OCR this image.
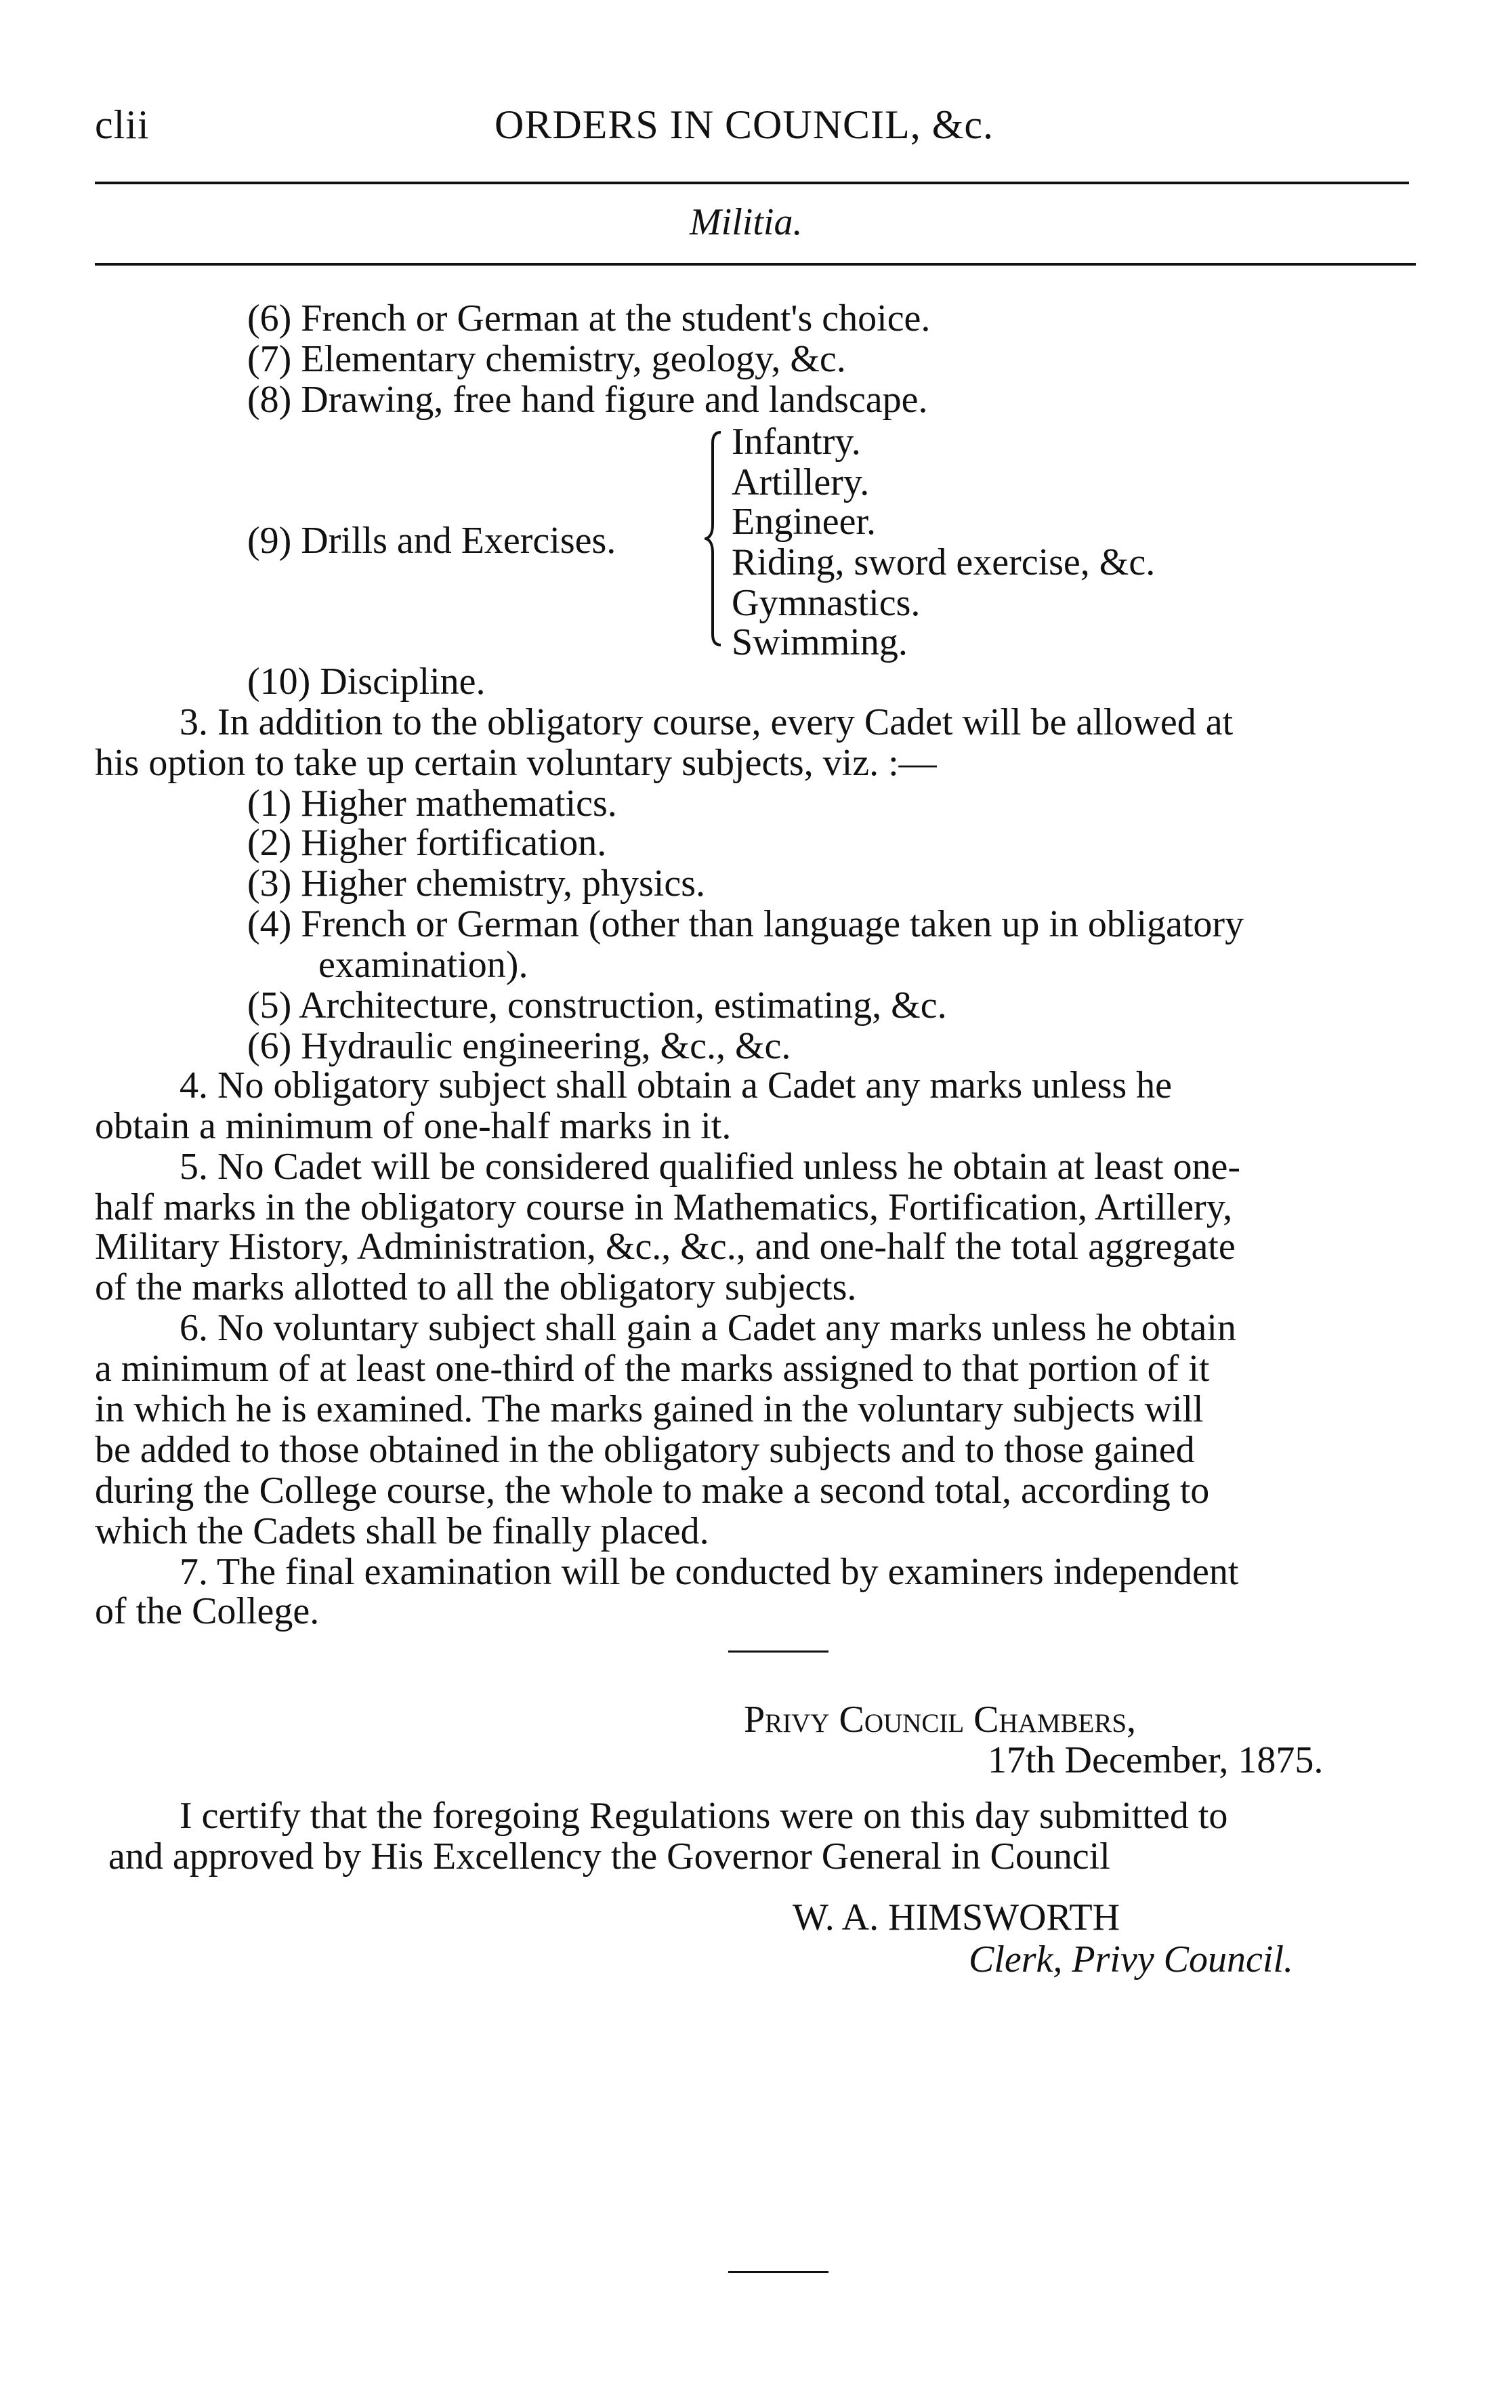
clii	ORDERS IN COUNCIL, &c.
Militia.
(6) French or German at the student's choice.
(7) Elementary chemistry, geology, &c.
(8) Drawing, free hand figure and landscape.
(9) Drills and Exercises.
Infantry.
Artillery.
Engineer.
Riding, sword exercise, &c.
Gymnastics.
Swimming.
(10) Discipline.
3. In addition to the obligatory course, every Cadet will be allowed at
his option to take up certain voluntary subjects, viz. :—
(1) Higher mathematics.
(2) Higher fortification.
(3) Higher chemistry, physics.
(4) French or German (other than language taken up in obligatory
examination).
(5) Architecture, construction, estimating, &c.
(6) Hydraulic engineering, &c., &c.
4. No obligatory subject shall obtain a Cadet any marks unless he
obtain a minimum of one-half marks in it.
5. No Cadet will be considered qualified unless he obtain at least one-
half marks in the obligatory course in Mathematics, Fortification, Artillery,
Military History, Administration, &c., &c., and one-half the total aggregate
of the marks allotted to all the obligatory subjects.
6. No voluntary subject shall gain a Cadet any marks unless he obtain
a minimum of at least one-third of the marks assigned to that portion of it
in which he is examined. The marks gained in the voluntary subjects will
be added to those obtained in the obligatory subjects and to those gained
during the College course, the whole to make a second total, according to
which the Cadets shall be finally placed.
7. The final examination will be conducted by examiners independent
of the College.
Privy Council Chambers,
17th December, 1875.
I certify that the foregoing Regulations were on this day submitted to
and approved by His Excellency the Governor General in Council
W. A. HIMSWORTH
Clerk, Privy Council.
